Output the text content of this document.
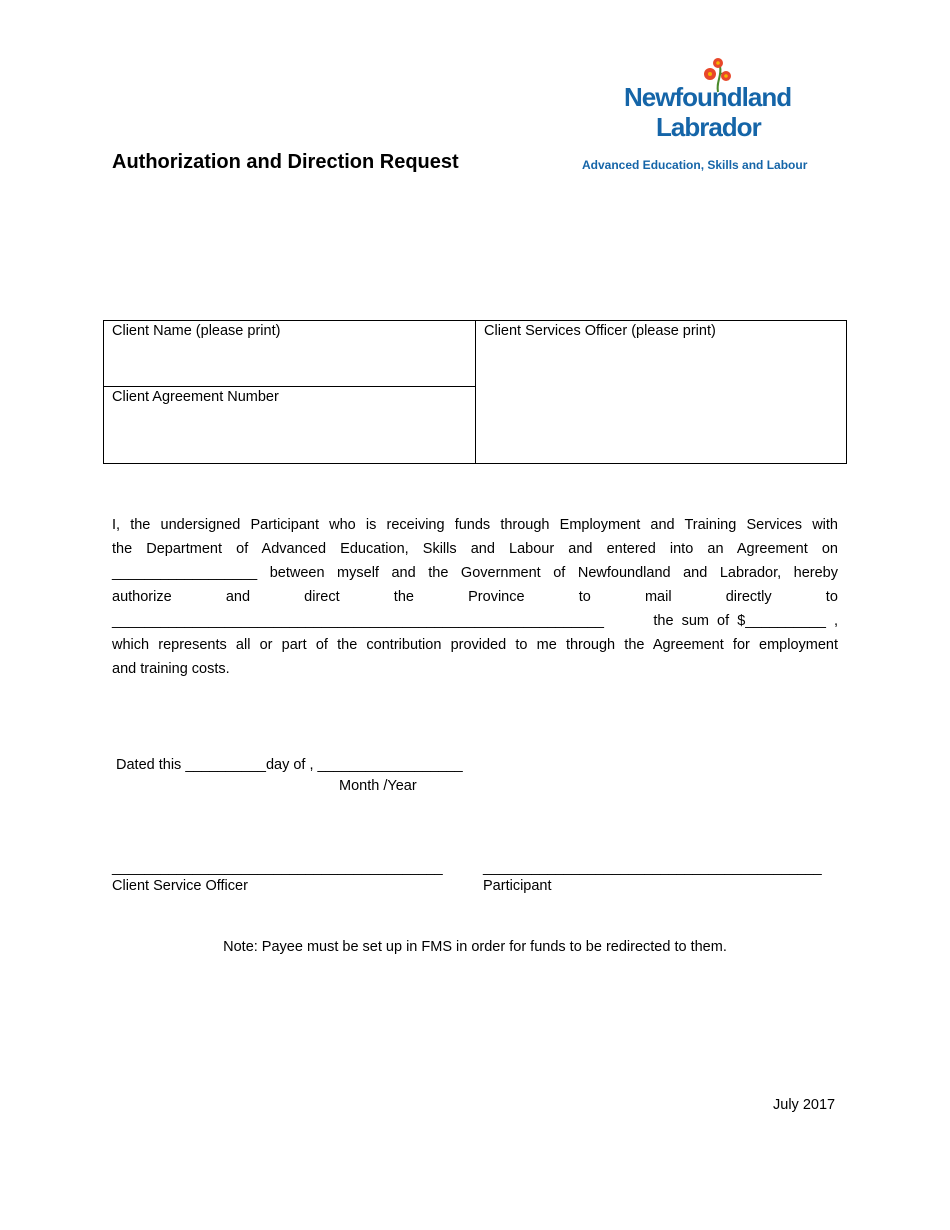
Authorization and Direction Request
Newfoundland
Labrador
Advanced Education, Skills and Labour
Client Name (please print)
Client Agreement Number
Client Services Officer (please print)
I, the undersigned Participant who is receiving funds through Employment and Training Services with
the Department of Advanced Education, Skills and Labour and entered into an Agreement on
__________________ between myself and the Government of Newfoundland and Labrador, hereby
authorize	and	direct	the	Province	to	mail	directly	to
_____________________________________________________________	the  sum  of  $__________  ,
which represents all or part of the contribution provided to me through the Agreement for employment
and training costs.
Dated this __________day of , __________________
Month /Year
_________________________________________
Client Service Officer
__________________________________________
Participant
Note: Payee must be set up in FMS in order for funds to be redirected to them.
July 2017
